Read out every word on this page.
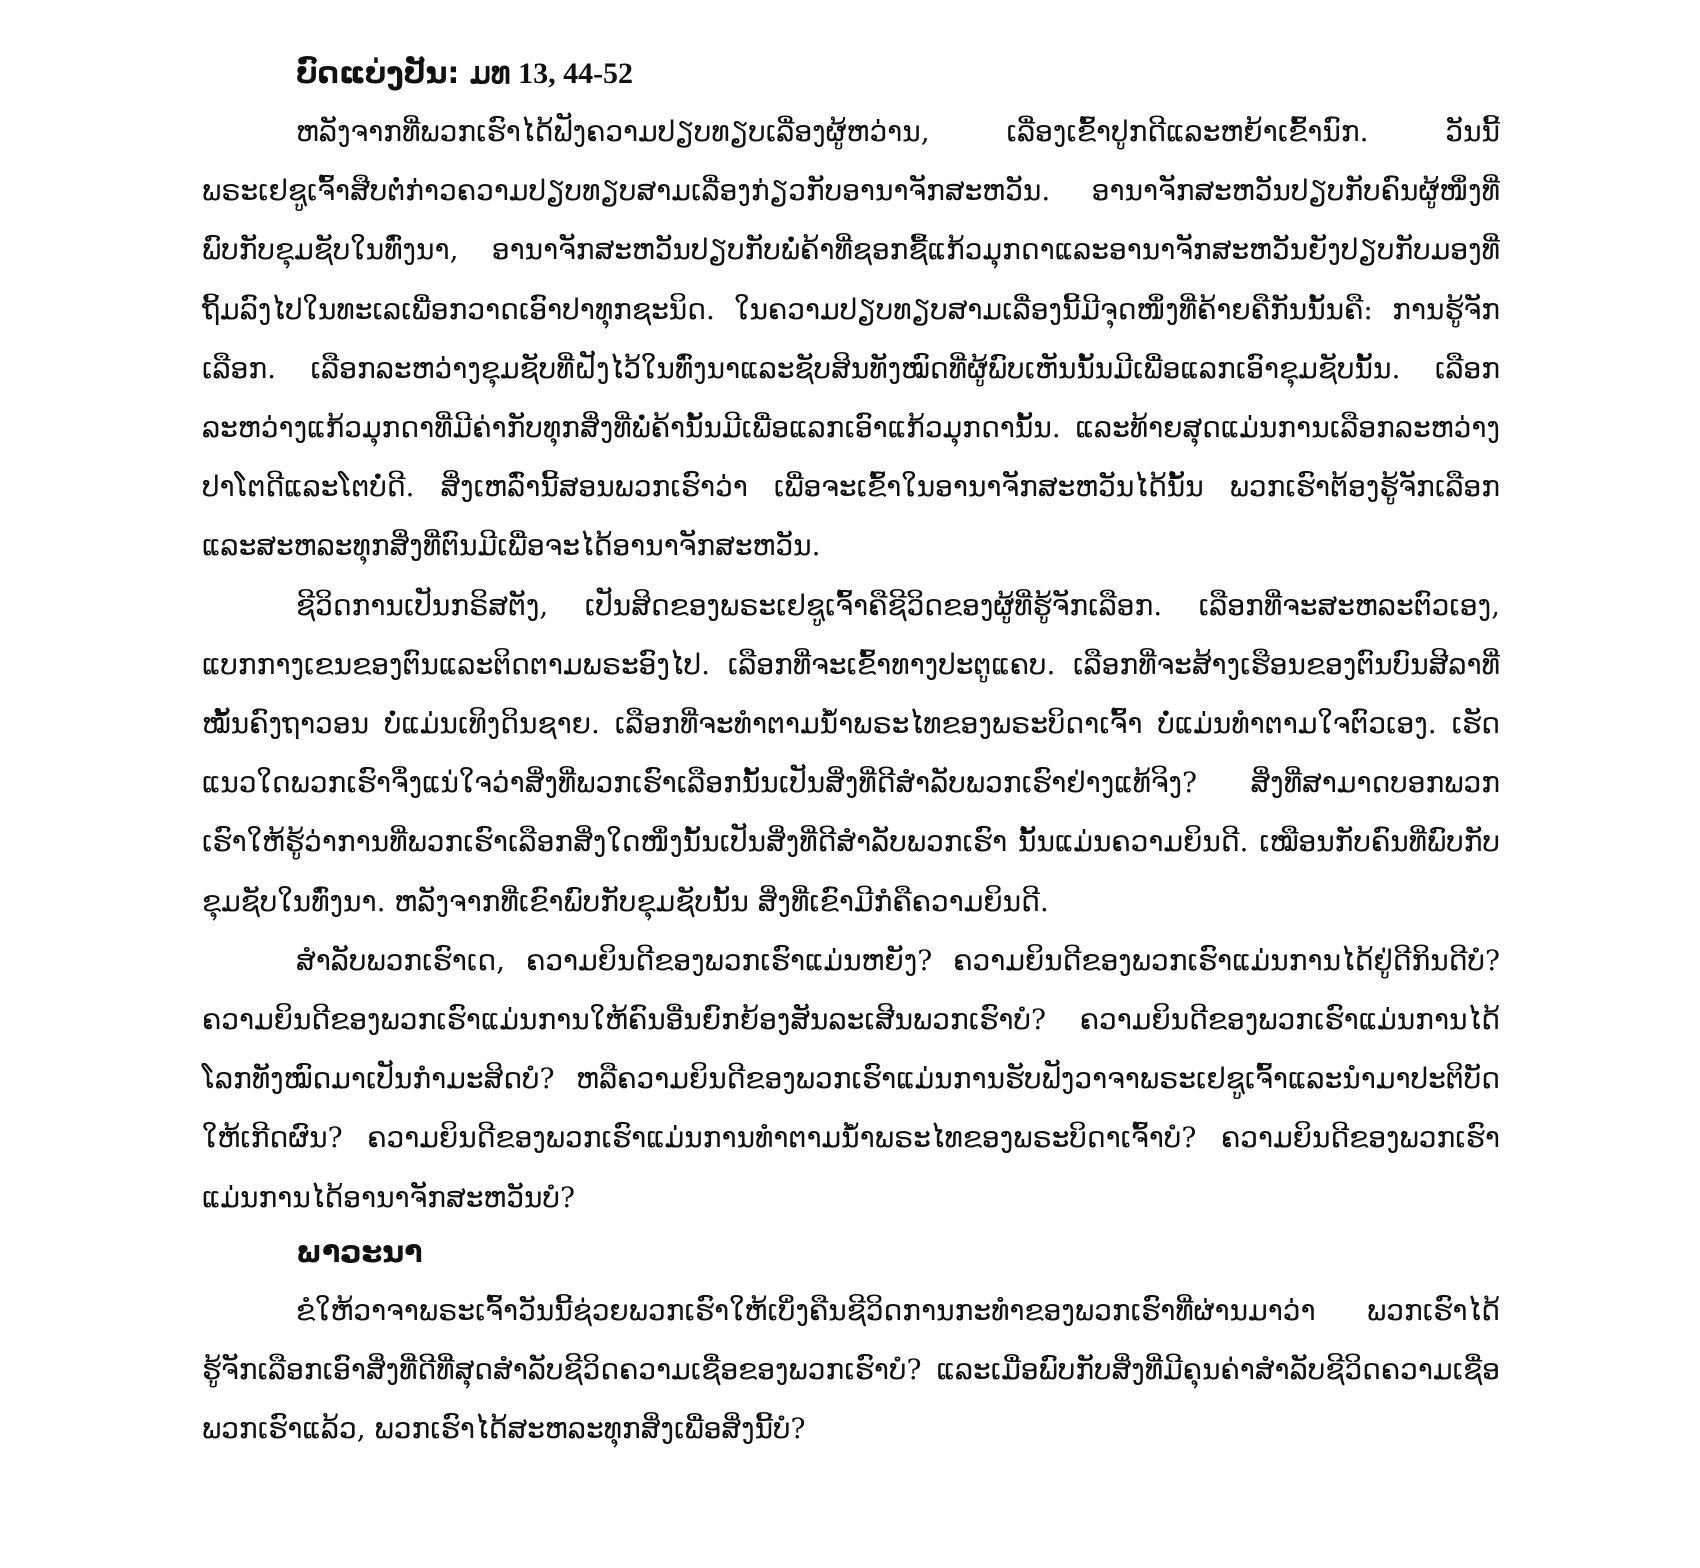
ບົດແບ່ງປັນ: ມທ 13, 44-52

ຫລັງຈາກທີ່ພວກເຮົາໄດ້ຟັງຄວາມປຽບທຽບເລື່ອງຜູ້ຫວ່ານ, ເລື່ອງເຂົ້າປູກດີແລະຫຍ້າເຂົ້ານົກ. ວັນນີ້ພຣະເຢຊູເຈົ້າສືບຕໍ່ກ່າວຄວາມປຽບທຽບສາມເລື່ອງກ່ຽວກັບອານາຈັກສະຫວັນ. ອານາຈັກສະຫວັນປຽບກັບຄົນຜູ້ໜຶ່ງທີ່ພົບກັບຂຸມຊັບໃນທົ່ງນາ, ອານາຈັກສະຫວັນປຽບກັບພໍ່ຄ້າທີ່ຊອກຊື້ແກ້ວມຸກດາແລະອານາຈັກສະຫວັນຍັງປຽບກັບມອງທີ່ຖິ້ມລົງໄປໃນທະເລເພື່ອກວາດເອົາປາທຸກຊະນິດ. ໃນຄວາມປຽບທຽບສາມເລື່ອງນີ້ມີຈຸດໜຶ່ງທີ່ຄ້າຍຄືກັນນັ້ນຄື: ການຮູ້ຈັກເລືອກ. ເລືອກລະຫວ່າງຂຸມຊັບທີ່ຝັງໄວ້ໃນທົ່ງນາແລະຊັບສິນທັງໝົດທີ່ຜູ້ພົບເຫັນນັ້ນມີເພື່ອແລກເອົາຂຸມຊັບນັ້ນ. ເລືອກລະຫວ່າງແກ້ວມຸກດາທີ່ມີຄ່າກັບທຸກສິ່ງທີ່ພໍ່ຄ້ານັ້ນມີເພື່ອແລກເອົາແກ້ວມຸກດານັ້ນ. ແລະທ້າຍສຸດແມ່ນການເລືອກລະຫວ່າງປາໂຕດີແລະໂຕບໍ່ດີ. ສິ່ງເຫລົ່ານີ້ສອນພວກເຮົາວ່າ ເພື່ອຈະເຂົ້າໃນອານາຈັກສະຫວັນໄດ້ນັ້ນ ພວກເຮົາຕ້ອງຮູ້ຈັກເລືອກແລະສະຫລະທຸກສິ່ງທີ່ຕົນມີເພື່ອຈະໄດ້ອານາຈັກສະຫວັນ.

ຊີວິດການເປັນກຣິສຕັງ, ເປັນສິດຂອງພຣະເຢຊູເຈົ້າຄືຊີວິດຂອງຜູ້ທີ່ຮູ້ຈັກເລືອກ. ເລືອກທີ່ຈະສະຫລະຕົວເອງ, ແບກກາງເຂນຂອງຕົນແລະຕິດຕາມພຣະອົງໄປ. ເລືອກທີ່ຈະເຂົ້າທາງປະຕູແຄບ. ເລືອກທີ່ຈະສ້າງເຮືອນຂອງຕົນບົນສີລາທີ່ໝັ້ນຄົງຖາວອນ ບໍ່ແມ່ນເທິງດິນຊາຍ. ເລືອກທີ່ຈະທຳຕາມນ້ຳພຣະໄທຂອງພຣະບິດາເຈົ້າ ບໍ່ແມ່ນທຳຕາມໃຈຕົວເອງ. ເຮັດແນວໃດພວກເຮົາຈຶ່ງແນ່ໃຈວ່າສິ່ງທີ່ພວກເຮົາເລືອກນັ້ນເປັນສິ່ງທີ່ດີສຳລັບພວກເຮົາຢ່າງແທ້ຈິງ? ສິ່ງທີ່ສາມາດບອກພວກເຮົາໃຫ້ຮູ້ວ່າການທີ່ພວກເຮົາເລືອກສິ່ງໃດໜຶ່ງນັ້ນເປັນສິ່ງທີ່ດີສຳລັບພວກເຮົາ ນັ້ນແມ່ນຄວາມຍິນດີ. ເໝືອນກັບຄົນທີ່ພົບກັບຂຸມຊັບໃນທົ່ງນາ. ຫລັງຈາກທີ່ເຂົາພົບກັບຂຸມຊັບນັ້ນ ສິ່ງທີ່ເຂົາມີກໍຄືຄວາມຍິນດີ.

ສຳລັບພວກເຮົາເດ, ຄວາມຍິນດີຂອງພວກເຮົາແມ່ນຫຍັງ? ຄວາມຍິນດີຂອງພວກເຮົາແມ່ນການໄດ້ຢູ່ດີກິນດີບໍ? ຄວາມຍິນດີຂອງພວກເຮົາແມ່ນການໃຫ້ຄົນອື່ນຍົກຍ້ອງສັນລະເສີນພວກເຮົາບໍ? ຄວາມຍິນດີຂອງພວກເຮົາແມ່ນການໄດ້ໂລກທັງໝົດມາເປັນກຳມະສິດບໍ? ຫລືຄວາມຍິນດີຂອງພວກເຮົາແມ່ນການຮັບຟັງວາຈາພຣະເຢຊູເຈົ້າແລະນຳມາປະຕິບັດໃຫ້ເກີດຜົນ? ຄວາມຍິນດີຂອງພວກເຮົາແມ່ນການທຳຕາມນ້ຳພຣະໄທຂອງພຣະບິດາເຈົ້າບໍ? ຄວາມຍິນດີຂອງພວກເຮົາແມ່ນການໄດ້ອານາຈັກສະຫວັນບໍ?

ພາວະນາ

ຂໍໃຫ້ວາຈາພຣະເຈົ້າວັນນີ້ຊ່ວຍພວກເຮົາໃຫ້ເບິ່ງຄືນຊີວິດການກະທຳຂອງພວກເຮົາທີ່ຜ່ານມາວ່າ ພວກເຮົາໄດ້ຮູ້ຈັກເລືອກເອົາສິ່ງທີ່ດີທີ່ສຸດສຳລັບຊີວິດຄວາມເຊື່ອຂອງພວກເຮົາບໍ? ແລະເມື່ອພົບກັບສິ່ງທີ່ມີຄຸນຄ່າສຳລັບຊີວິດຄວາມເຊື່ອພວກເຮົາແລ້ວ, ພວກເຮົາໄດ້ສະຫລະທຸກສິ່ງເພື່ອສິ່ງນີ້ບໍ?
